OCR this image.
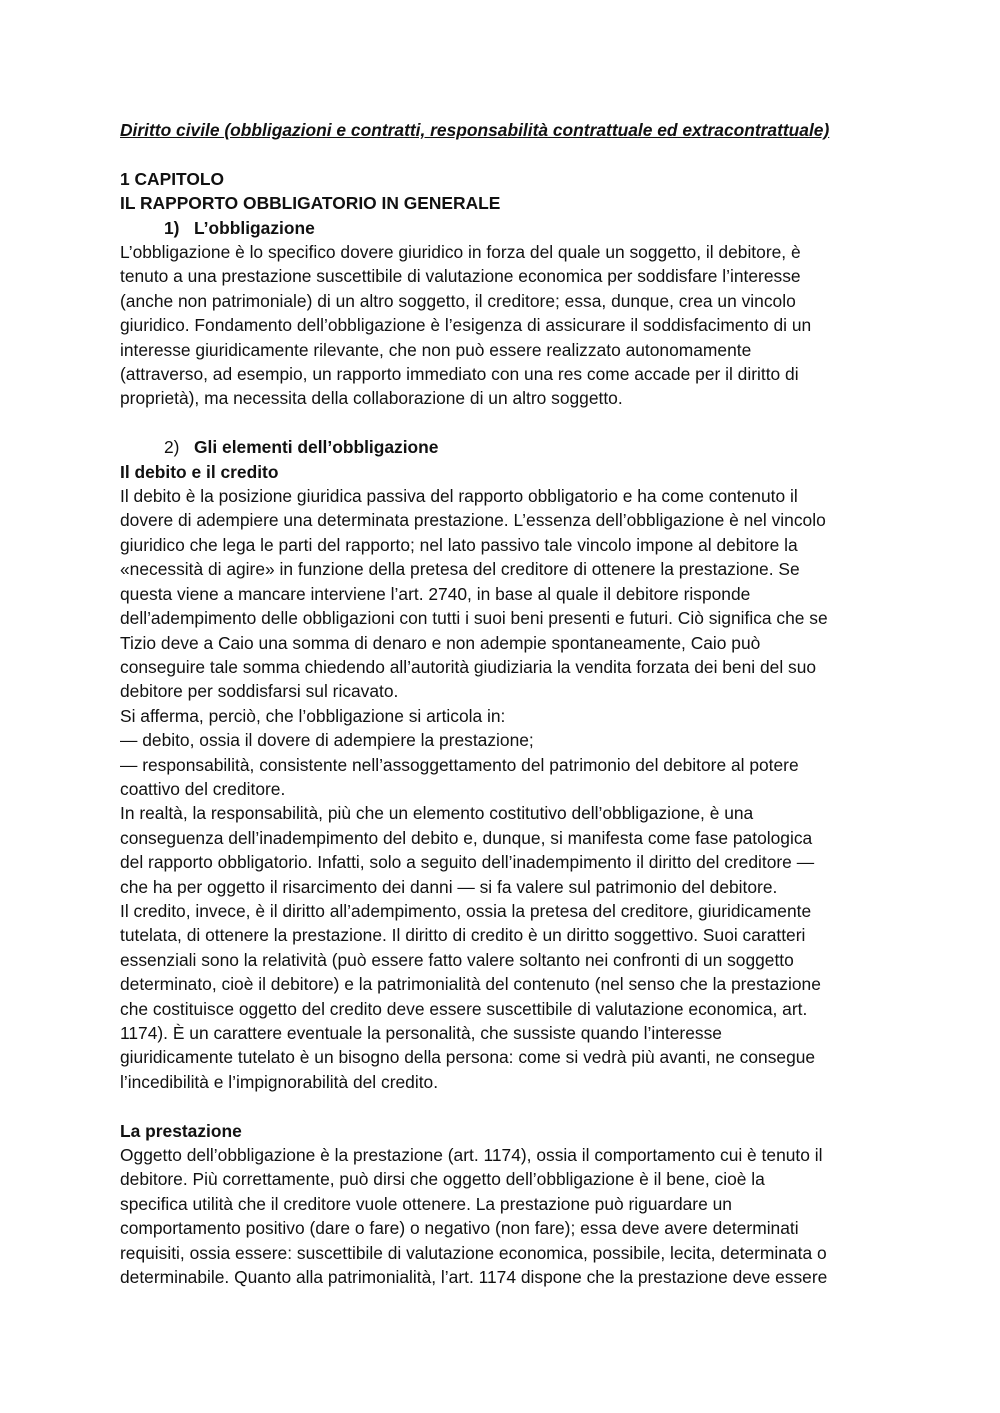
Diritto civile (obbligazioni e contratti, responsabilità contrattuale ed extracontrattuale)
1 CAPITOLO
IL RAPPORTO OBBLIGATORIO IN GENERALE
1) L’obbligazione
L’obbligazione è lo specifico dovere giuridico in forza del quale un soggetto, il debitore, è
tenuto a una prestazione suscettibile di valutazione economica per soddisfare l’interesse
(anche non patrimoniale) di un altro soggetto, il creditore; essa, dunque, crea un vincolo
giuridico. Fondamento dell’obbligazione è l’esigenza di assicurare il soddisfacimento di un
interesse giuridicamente rilevante, che non può essere realizzato autonomamente
(attraverso, ad esempio, un rapporto immediato con una res come accade per il diritto di
proprietà), ma necessita della collaborazione di un altro soggetto.
2) Gli elementi dell’obbligazione
Il debito e il credito
Il debito è la posizione giuridica passiva del rapporto obbligatorio e ha come contenuto il
dovere di adempiere una determinata prestazione. L’essenza dell’obbligazione è nel vincolo
giuridico che lega le parti del rapporto; nel lato passivo tale vincolo impone al debitore la
«necessità di agire» in funzione della pretesa del creditore di ottenere la prestazione. Se
questa viene a mancare interviene l’art. 2740, in base al quale il debitore risponde
dell’adempimento delle obbligazioni con tutti i suoi beni presenti e futuri. Ciò significa che se
Tizio deve a Caio una somma di denaro e non adempie spontaneamente, Caio può
conseguire tale somma chiedendo all’autorità giudiziaria la vendita forzata dei beni del suo
debitore per soddisfarsi sul ricavato.
Si afferma, perciò, che l’obbligazione si articola in:
— debito, ossia il dovere di adempiere la prestazione;
— responsabilità, consistente nell’assoggettamento del patrimonio del debitore al potere
coattivo del creditore.
In realtà, la responsabilità, più che un elemento costitutivo dell’obbligazione, è una
conseguenza dell’inadempimento del debito e, dunque, si manifesta come fase patologica
del rapporto obbligatorio. Infatti, solo a seguito dell’inadempimento il diritto del creditore —
che ha per oggetto il risarcimento dei danni — si fa valere sul patrimonio del debitore.
Il credito, invece, è il diritto all’adempimento, ossia la pretesa del creditore, giuridicamente
tutelata, di ottenere la prestazione. Il diritto di credito è un diritto soggettivo. Suoi caratteri
essenziali sono la relatività (può essere fatto valere soltanto nei confronti di un soggetto
determinato, cioè il debitore) e la patrimonialità del contenuto (nel senso che la prestazione
che costituisce oggetto del credito deve essere suscettibile di valutazione economica, art.
1174). È un carattere eventuale la personalità, che sussiste quando l’interesse
giuridicamente tutelato è un bisogno della persona: come si vedrà più avanti, ne consegue
l’incedibilità e l’impignorabilità del credito.
La prestazione
Oggetto dell’obbligazione è la prestazione (art. 1174), ossia il comportamento cui è tenuto il
debitore. Più correttamente, può dirsi che oggetto dell’obbligazione è il bene, cioè la
specifica utilità che il creditore vuole ottenere. La prestazione può riguardare un
comportamento positivo (dare o fare) o negativo (non fare); essa deve avere determinati
requisiti, ossia essere: suscettibile di valutazione economica, possibile, lecita, determinata o
determinabile. Quanto alla patrimonialità, l’art. 1174 dispone che la prestazione deve essere
